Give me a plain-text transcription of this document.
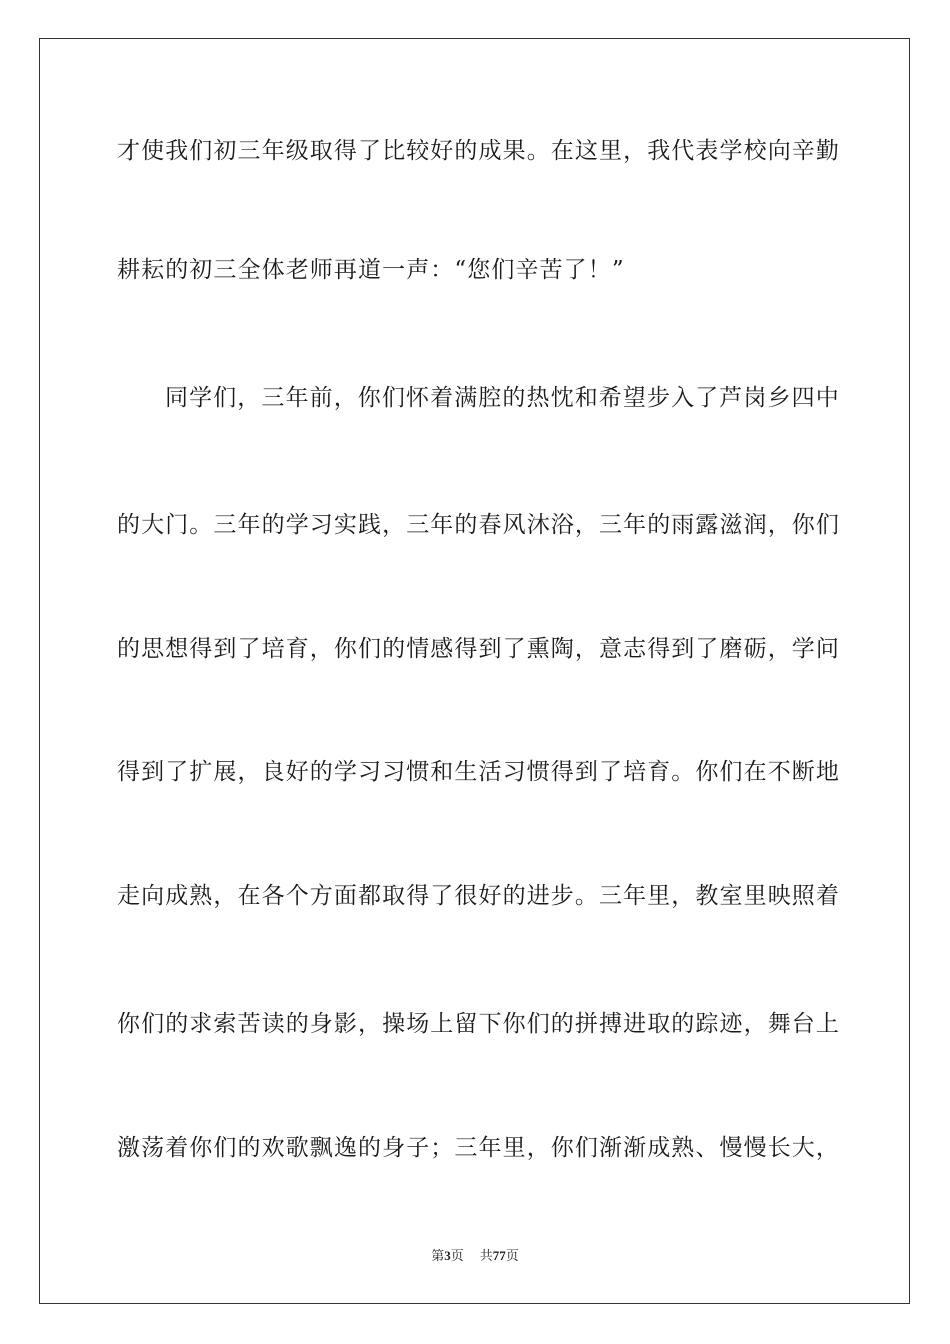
才使我们初三年级取得了比较好的成果。在这里，我代表学校向辛勤
耕耘的初三全体老师再道一声：“您们辛苦了！”
同学们，三年前，你们怀着满腔的热忱和希望步入了芦岗乡四中
的大门。三年的学习实践，三年的春风沐浴，三年的雨露滋润，你们
的思想得到了培育，你们的情感得到了熏陶，意志得到了磨砺，学问
得到了扩展，良好的学习习惯和生活习惯得到了培育。你们在不断地
走向成熟，在各个方面都取得了很好的进步。三年里，教室里映照着
你们的求索苦读的身影，操场上留下你们的拼搏进取的踪迹，舞台上
激荡着你们的欢歌飘逸的身子；三年里，你们渐渐成熟、慢慢长大，
第3页 共77页
